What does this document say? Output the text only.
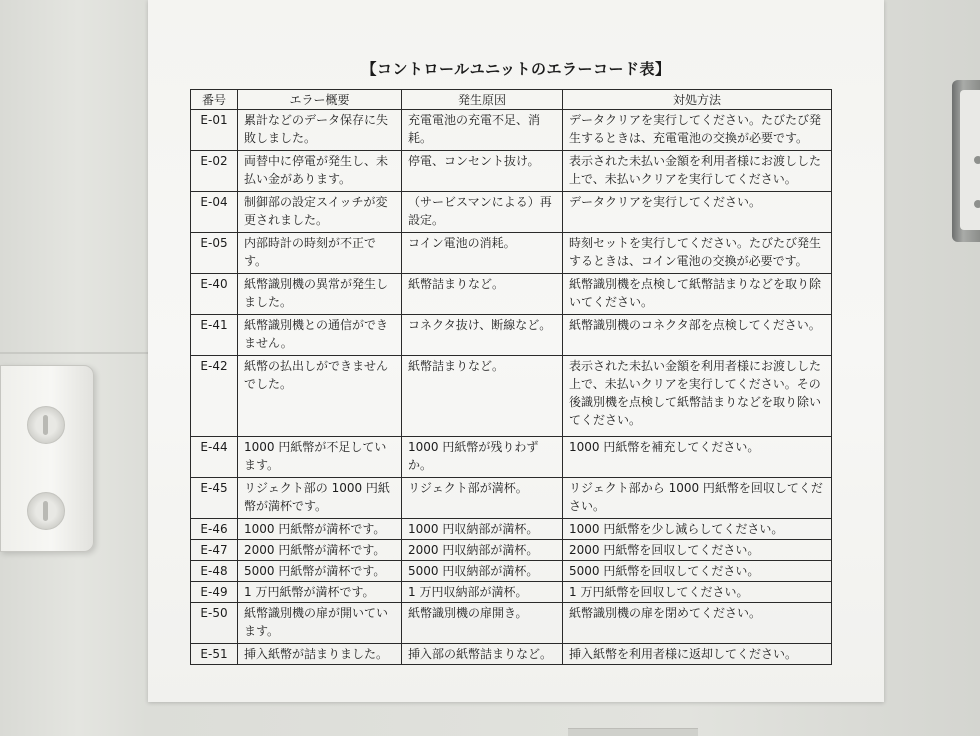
【コントロールユニットのエラーコード表】
番号	エラー概要	発生原因	対処方法
E-01	累計などのデータ保存に失敗しました。	充電電池の充電不足、消耗。	データクリアを実行してください。たびたび発生するときは、充電電池の交換が必要です。
E-02	両替中に停電が発生し、未払い金があります。	停電、コンセント抜け。	表示された未払い金額を利用者様にお渡しした上で、未払いクリアを実行してください。
E-04	制御部の設定スイッチが変更されました。	（サービスマンによる）再設定。	データクリアを実行してください。
E-05	内部時計の時刻が不正です。	コイン電池の消耗。	時刻セットを実行してください。たびたび発生するときは、コイン電池の交換が必要です。
E-40	紙幣識別機の異常が発生しました。	紙幣詰まりなど。	紙幣識別機を点検して紙幣詰まりなどを取り除いてください。
E-41	紙幣識別機との通信ができません。	コネクタ抜け、断線など。	紙幣識別機のコネクタ部を点検してください。
E-42	紙幣の払出しができませんでした。	紙幣詰まりなど。	表示された未払い金額を利用者様にお渡しした上で、未払いクリアを実行してください。その後識別機を点検して紙幣詰まりなどを取り除いてください。
E-44	1000 円紙幣が不足しています。	1000 円紙幣が残りわずか。	1000 円紙幣を補充してください。
E-45	リジェクト部の 1000 円紙幣が満杯です。	リジェクト部が満杯。	リジェクト部から 1000 円紙幣を回収してください。
E-46	1000 円紙幣が満杯です。	1000 円収納部が満杯。	1000 円紙幣を少し減らしてください。
E-47	2000 円紙幣が満杯です。	2000 円収納部が満杯。	2000 円紙幣を回収してください。
E-48	5000 円紙幣が満杯です。	5000 円収納部が満杯。	5000 円紙幣を回収してください。
E-49	1 万円紙幣が満杯です。	1 万円収納部が満杯。	1 万円紙幣を回収してください。
E-50	紙幣識別機の扉が開いています。	紙幣識別機の扉開き。	紙幣識別機の扉を閉めてください。
E-51	挿入紙幣が詰まりました。	挿入部の紙幣詰まりなど。	挿入紙幣を利用者様に返却してください。
